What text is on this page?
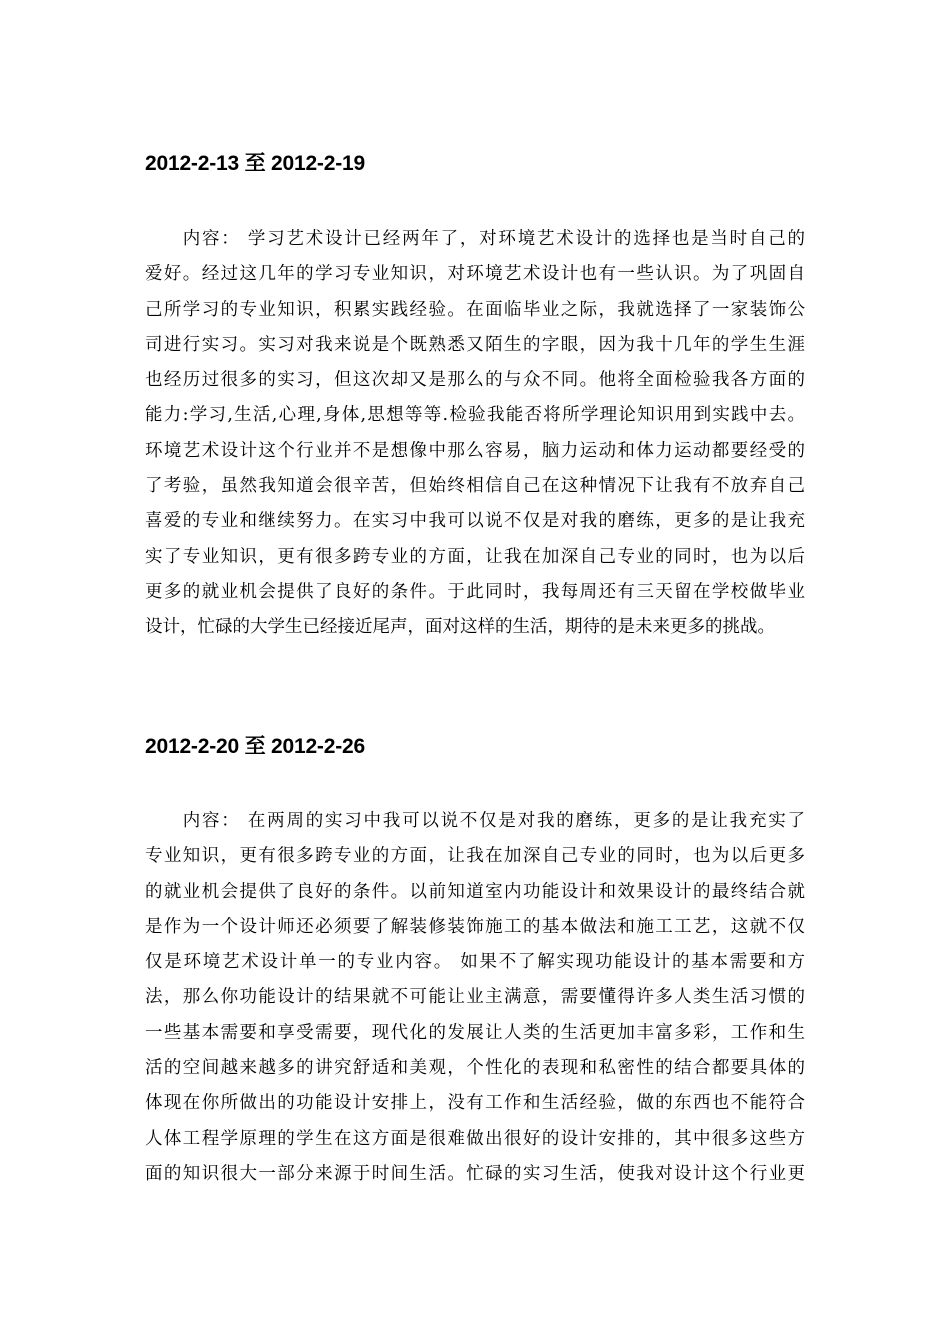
2012-2-13 至 2012-2-19
内容： 学习艺术设计已经两年了，对环境艺术设计的选择也是当时自己的
爱好。经过这几年的学习专业知识，对环境艺术设计也有一些认识。为了巩固自
己所学习的专业知识，积累实践经验。在面临毕业之际，我就选择了一家装饰公
司进行实习。实习对我来说是个既熟悉又陌生的字眼，因为我十几年的学生生涯
也经历过很多的实习，但这次却又是那么的与众不同。他将全面检验我各方面的
能力:学习,生活,心理,身体,思想等等.检验我能否将所学理论知识用到实践中去。
环境艺术设计这个行业并不是想像中那么容易，脑力运动和体力运动都要经受的
了考验，虽然我知道会很辛苦，但始终相信自己在这种情况下让我有不放弃自己
喜爱的专业和继续努力。在实习中我可以说不仅是对我的磨练，更多的是让我充
实了专业知识，更有很多跨专业的方面，让我在加深自己专业的同时，也为以后
更多的就业机会提供了良好的条件。于此同时，我每周还有三天留在学校做毕业
设计，忙碌的大学生已经接近尾声，面对这样的生活，期待的是未来更多的挑战。
2012-2-20 至 2012-2-26
内容： 在两周的实习中我可以说不仅是对我的磨练，更多的是让我充实了
专业知识，更有很多跨专业的方面，让我在加深自己专业的同时，也为以后更多
的就业机会提供了良好的条件。以前知道室内功能设计和效果设计的最终结合就
是作为一个设计师还必须要了解装修装饰施工的基本做法和施工工艺，这就不仅
仅是环境艺术设计单一的专业内容。 如果不了解实现功能设计的基本需要和方
法，那么你功能设计的结果就不可能让业主满意，需要懂得许多人类生活习惯的
一些基本需要和享受需要，现代化的发展让人类的生活更加丰富多彩，工作和生
活的空间越来越多的讲究舒适和美观，个性化的表现和私密性的结合都要具体的
体现在你所做出的功能设计安排上，没有工作和生活经验，做的东西也不能符合
人体工程学原理的学生在这方面是很难做出很好的设计安排的，其中很多这些方
面的知识很大一部分来源于时间生活。忙碌的实习生活，使我对设计这个行业更
